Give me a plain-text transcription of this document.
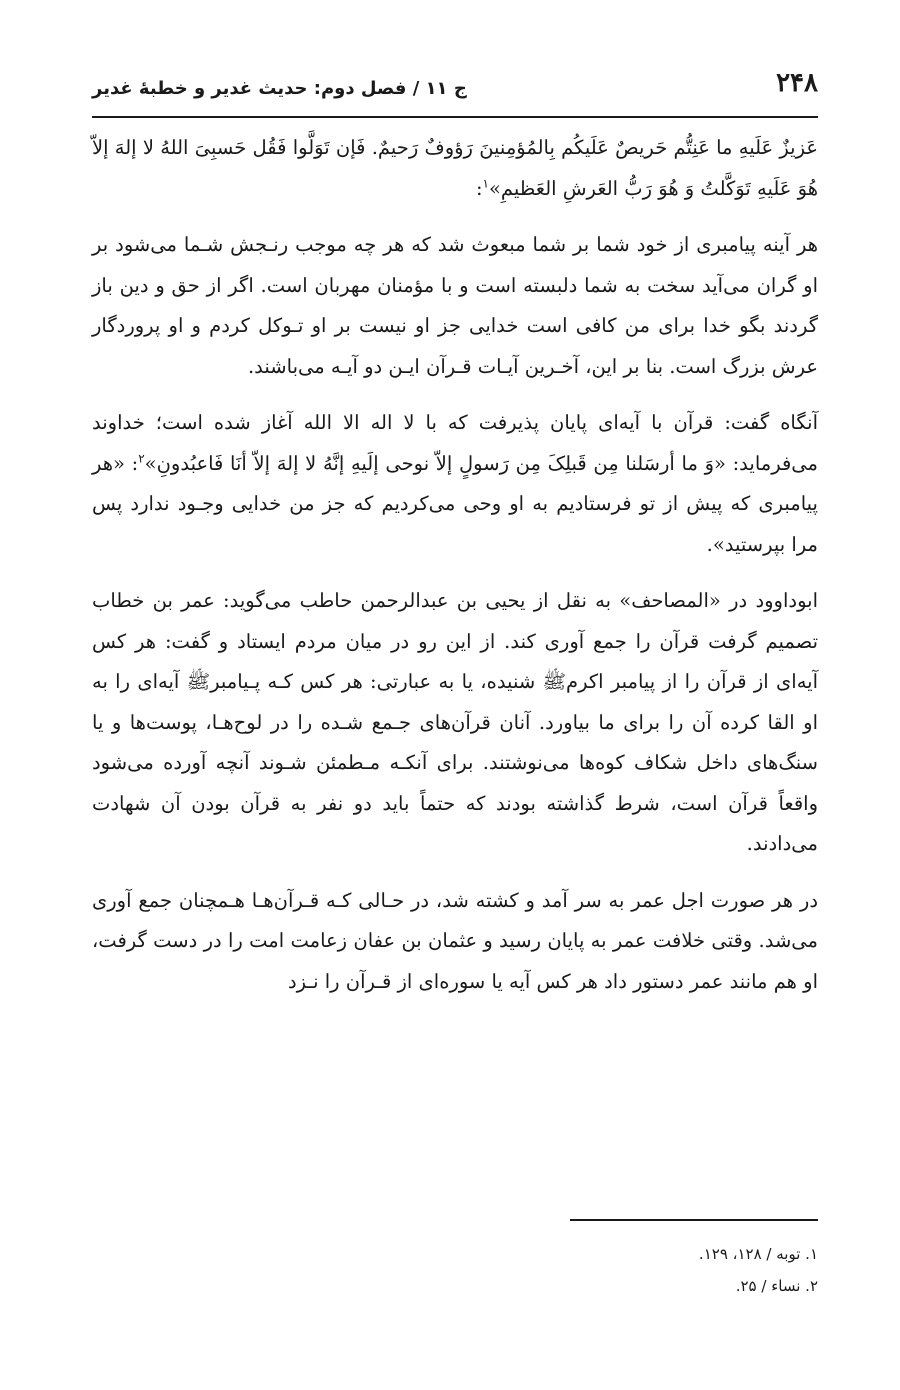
۲۴۸
ج ۱۱ / فصل دوم: حدیث غدیر و خطبهٔ غدیر

عَزیزٌ عَلَیهِ ما عَنِتُّم حَریصٌ عَلَیکُم بِالمُؤمِنینَ رَؤوفٌ رَحیمٌ. فَإن تَوَلَّوا فَقُل حَسبِیَ اللهُ لا إلهَ إلاّ هُوَ عَلَیهِ تَوَکَّلتُ وَ هُوَ رَبُّ العَرشِ العَظیمِ»$^۱$:

هر آینه پیامبری از خود شما بر شما مبعوث شد که هر چه موجب رنـجش شـما می‌شود بر او گران می‌آید سخت به شما دلبسته است و با مؤمنان مهربان است. اگر از حق و دین باز گردند بگو خدا برای من کافی است خدایی جز او نیست بر او تـوکل کردم و او پروردگار عرش بزرگ است. بنا بر این، آخـرین آیـات قـرآن ایـن دو آیـه می‌باشند.

آنگاه گفت: قرآن با آیه‌ای پایان پذیرفت که با لا اله الا الله آغاز شده است؛ خداوند می‌فرماید: «وَ ما أرسَلنا مِن قَبلِکَ مِن رَسولٍ إلاّ نوحی إلَیهِ إنَّهُ لا إلهَ إلاّ أنَا فَاعبُدونِ»$^۲$: «هر پیامبری که پیش از تو فرستادیم به او وحی می‌کردیم که جز من خدایی وجـود ندارد پس مرا بپرستید».

ابوداوود در «المصاحف» به نقل از یحیی بن عبدالرحمن حاطب می‌گوید: عمر بن خطاب تصمیم گرفت قرآن را جمع آوری کند. از این رو در میان مردم ایستاد و گفت: هر کس آیه‌ای از قرآن را از پیامبر اکرمﷺ شنیده، یا به عبارتی: هر کس کـه پـیامبرﷺ آیه‌ای را به او القا کرده آن را برای ما بیاورد. آنان قرآن‌های جـمع شـده را در لوح‌هـا، پوست‌ها و یا سنگ‌های داخل شکاف کوه‌ها می‌نوشتند. برای آنکـه مـطمئن شـوند آنچه آورده می‌شود واقعاً قرآن است، شرط گذاشته بودند که حتماً باید دو نفر به قرآن بودن آن شهادت می‌دادند.

در هر صورت اجل عمر به سر آمد و کشته شد، در حـالی کـه قـرآن‌هـا هـمچنان جمع آوری می‌شد. وقتی خلافت عمر به پایان رسید و عثمان بن عفان زعامت امت را در دست گرفت، او هم مانند عمر دستور داد هر کس آیه یا سوره‌ای از قـرآن را نـزد

۱. توبه / ۱۲۸، ۱۲۹.
۲. نساء / ۲۵.
